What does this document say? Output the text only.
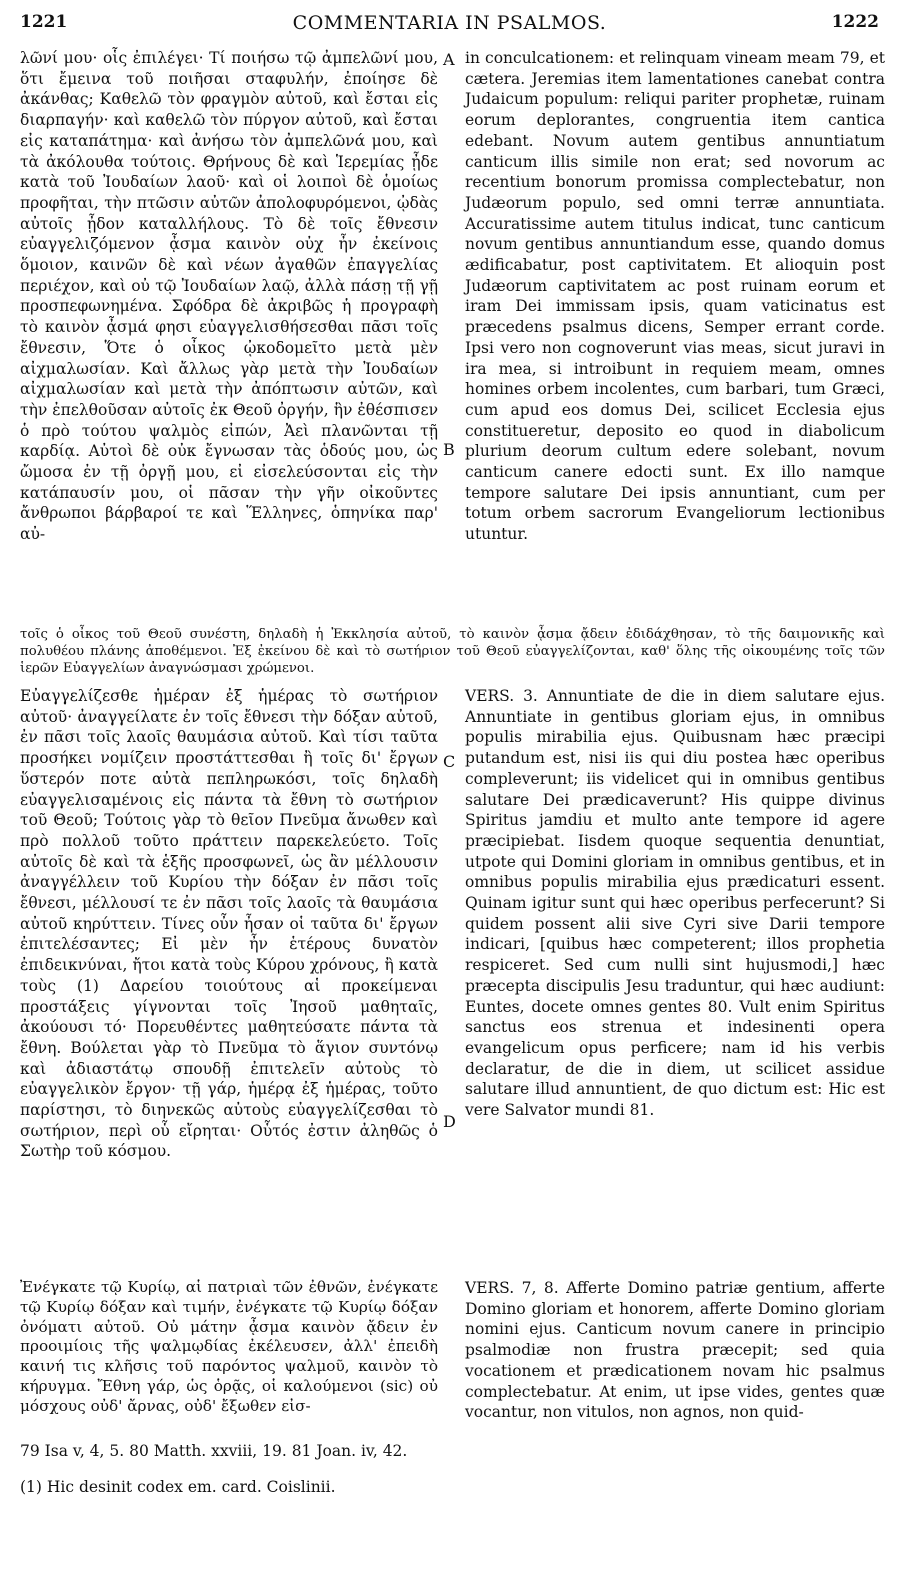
1221	COMMENTARIA IN PSALMOS.	1222
A
B
C
D

λῶνί μου· οἷς ἐπιλέγει· Τί ποιήσω τῷ ἀμπελῶνί μου, ὅτι ἔμεινα τοῦ ποιῆσαι σταφυλήν, ἐποίησε δὲ ἀκάνθας; Καθελῶ τὸν φραγμὸν αὐτοῦ, καὶ ἔσται εἰς διαρπαγήν· καὶ καθελῶ τὸν πύργον αὐτοῦ, καὶ ἔσται εἰς καταπάτημα· καὶ ἀνήσω τὸν ἀμπελῶνά μου, καὶ τὰ ἀκόλουθα τούτοις. Θρήνους δὲ καὶ Ἱερεμίας ᾖδε κατὰ τοῦ Ἰουδαίων λαοῦ· καὶ οἱ λοιποὶ δὲ ὁμοίως προφῆται, τὴν πτῶσιν αὐτῶν ἀπολοφυρόμενοι, ᾠδὰς αὐτοῖς ᾖδον καταλλήλους. Τὸ δὲ τοῖς ἔθνεσιν εὐαγγελιζόμενον ᾆσμα καινὸν οὐχ ἦν ἐκείνοις ὅμοιον, καινῶν δὲ καὶ νέων ἀγαθῶν ἐπαγγελίας περιέχον, καὶ οὐ τῷ Ἰουδαίων λαῷ, ἀλλὰ πάσῃ τῇ γῇ προσπεφωνημένα. Σφόδρα δὲ ἀκριβῶς ἡ προγραφὴ τὸ καινὸν ᾆσμά φησι εὐαγγελισθήσεσθαι πᾶσι τοῖς ἔθνεσιν, Ὅτε ὁ οἶκος ᾠκοδομεῖτο μετὰ μὲν αἰχμαλωσίαν. Καὶ ἄλλως γὰρ μετὰ τὴν Ἰουδαίων αἰχμαλωσίαν καὶ μετὰ τὴν ἀπόπτωσιν αὐτῶν, καὶ τὴν ἐπελθοῦσαν αὐτοῖς ἐκ Θεοῦ ὀργήν, ἣν ἐθέσπισεν ὁ πρὸ τούτου ψαλμὸς εἰπών, Ἀεὶ πλανῶνται τῇ καρδίᾳ. Αὐτοὶ δὲ οὐκ ἔγνωσαν τὰς ὁδούς μου, ὡς ὤμοσα ἐν τῇ ὀργῇ μου, εἰ εἰσελεύσονται εἰς τὴν κατάπαυσίν μου, οἱ πᾶσαν τὴν γῆν οἰκοῦντες ἄνθρωποι βάρβαροί τε καὶ Ἕλληνες, ὁπηνίκα παρ' αὐ-

in conculcationem: et relinquam vineam meam 79, et cætera. Jeremias item lamentationes canebat contra Judaicum populum: reliqui pariter prophetæ, ruinam eorum deplorantes, congruentia item cantica edebant. Novum autem gentibus annuntiatum canticum illis simile non erat; sed novorum ac recentium bonorum promissa complectebatur, non Judæorum populo, sed omni terræ annuntiata. Accuratissime autem titulus indicat, tunc canticum novum gentibus annuntiandum esse, quando domus ædificabatur, post captivitatem. Et alioquin post Judæorum captivitatem ac post ruinam eorum et iram Dei immissam ipsis, quam vaticinatus est præcedens psalmus dicens, Semper errant corde. Ipsi vero non cognoverunt vias meas, sicut juravi in ira mea, si introibunt in requiem meam, omnes homines orbem incolentes, cum barbari, tum Græci, cum apud eos domus Dei, scilicet Ecclesia ejus constitueretur, deposito eo quod in diabolicum plurium deorum cultum edere solebant, novum canticum canere edocti sunt. Ex illo namque tempore salutare Dei ipsis annuntiant, cum per totum orbem sacrorum Evangeliorum lectionibus utuntur.

τοῖς ὁ οἶκος τοῦ Θεοῦ συνέστη, δηλαδὴ ἡ Ἐκκλησία αὐτοῦ, τὸ καινὸν ᾆσμα ᾄδειν ἐδιδάχθησαν, τὸ τῆς δαιμονικῆς καὶ πολυθέου πλάνης ἀποθέμενοι. Ἐξ ἐκείνου δὲ καὶ τὸ σωτήριον τοῦ Θεοῦ εὐαγγελίζονται, καθ' ὅλης τῆς οἰκουμένης τοῖς τῶν ἱερῶν Εὐαγγελίων ἀναγνώσμασι χρώμενοι.

Εὐαγγελίζεσθε ἡμέραν ἐξ ἡμέρας τὸ σωτήριον αὐτοῦ· ἀναγγείλατε ἐν τοῖς ἔθνεσι τὴν δόξαν αὐτοῦ, ἐν πᾶσι τοῖς λαοῖς θαυμάσια αὐτοῦ. Καὶ τίσι ταῦτα προσήκει νομίζειν προστάττεσθαι ἢ τοῖς δι' ἔργων ὕστερόν ποτε αὐτὰ πεπληρωκόσι, τοῖς δηλαδὴ εὐαγγελισαμένοις εἰς πάντα τὰ ἔθνη τὸ σωτήριον τοῦ Θεοῦ; Τούτοις γὰρ τὸ θεῖον Πνεῦμα ἄνωθεν καὶ πρὸ πολλοῦ τοῦτο πράττειν παρεκελεύετο. Τοῖς αὐτοῖς δὲ καὶ τὰ ἑξῆς προσφωνεῖ, ὡς ἂν μέλλουσιν ἀναγγέλλειν τοῦ Κυρίου τὴν δόξαν ἐν πᾶσι τοῖς ἔθνεσι, μέλλουσί τε ἐν πᾶσι τοῖς λαοῖς τὰ θαυμάσια αὐτοῦ κηρύττειν. Τίνες οὖν ἦσαν οἱ ταῦτα δι' ἔργων ἐπιτελέσαντες; Εἰ μὲν ἦν ἑτέρους δυνατὸν ἐπιδεικνύναι, ἤτοι κατὰ τοὺς Κύρου χρόνους, ἢ κατὰ τοὺς (1) Δαρείου τοιούτους αἱ προκείμεναι προστάξεις γίγνονται τοῖς Ἰησοῦ μαθηταῖς, ἀκούουσι τό· Πορευθέντες μαθητεύσατε πάντα τὰ ἔθνη. Βούλεται γὰρ τὸ Πνεῦμα τὸ ἅγιον συντόνῳ καὶ ἀδιαστάτῳ σπουδῇ ἐπιτελεῖν αὐτοὺς τὸ εὐαγγελικὸν ἔργον· τῇ γάρ, ἡμέρᾳ ἐξ ἡμέρας, τοῦτο παρίστησι, τὸ διηνεκῶς αὐτοὺς εὐαγγελίζεσθαι τὸ σωτήριον, περὶ οὗ εἴρηται· Οὗτός ἐστιν ἀληθῶς ὁ Σωτὴρ τοῦ κόσμου.

VERS. 3. Annuntiate de die in diem salutare ejus. Annuntiate in gentibus gloriam ejus, in omnibus populis mirabilia ejus. Quibusnam hæc præcipi putandum est, nisi iis qui diu postea hæc operibus compleverunt; iis videlicet qui in omnibus gentibus salutare Dei prædicaverunt? His quippe divinus Spiritus jamdiu et multo ante tempore id agere præcipiebat. Iisdem quoque sequentia denuntiat, utpote qui Domini gloriam in omnibus gentibus, et in omnibus populis mirabilia ejus prædicaturi essent. Quinam igitur sunt qui hæc operibus perfecerunt? Si quidem possent alii sive Cyri sive Darii tempore indicari, [quibus hæc competerent; illos prophetia respiceret. Sed cum nulli sint hujusmodi,] hæc præcepta discipulis Jesu traduntur, qui hæc audiunt: Euntes, docete omnes gentes 80. Vult enim Spiritus sanctus eos strenua et indesinenti opera evangelicum opus perficere; nam id his verbis declaratur, de die in diem, ut scilicet assidue salutare illud annuntient, de quo dictum est: Hic est vere Salvator mundi 81.

Ἐνέγκατε τῷ Κυρίῳ, αἱ πατριαὶ τῶν ἐθνῶν, ἐνέγκατε τῷ Κυρίῳ δόξαν καὶ τιμήν, ἐνέγκατε τῷ Κυρίῳ δόξαν ὀνόματι αὐτοῦ. Οὐ μάτην ᾆσμα καινὸν ᾄδειν ἐν προοιμίοις τῆς ψαλμῳδίας ἐκέλευσεν, ἀλλ' ἐπειδὴ καινή τις κλῆσις τοῦ παρόντος ψαλμοῦ, καινὸν τὸ κήρυγμα. Ἔθνη γάρ, ὡς ὁρᾷς, οἱ καλούμενοι (sic) οὐ μόσχους οὐδ' ἄρνας, οὐδ' ἔξωθεν εἰσ-

VERS. 7, 8. Afferte Domino patriæ gentium, afferte Domino gloriam et honorem, afferte Domino gloriam nomini ejus. Canticum novum canere in principio psalmodiæ non frustra præcepit; sed quia vocationem et prædicationem novam hic psalmus complectebatur. At enim, ut ipse vides, gentes quæ vocantur, non vitulos, non agnos, non quid-

79 Isa v, 4, 5. 80 Matth. xxviii, 19. 81 Joan. iv, 42.
(1) Hic desinit codex em. card. Coislinii.
